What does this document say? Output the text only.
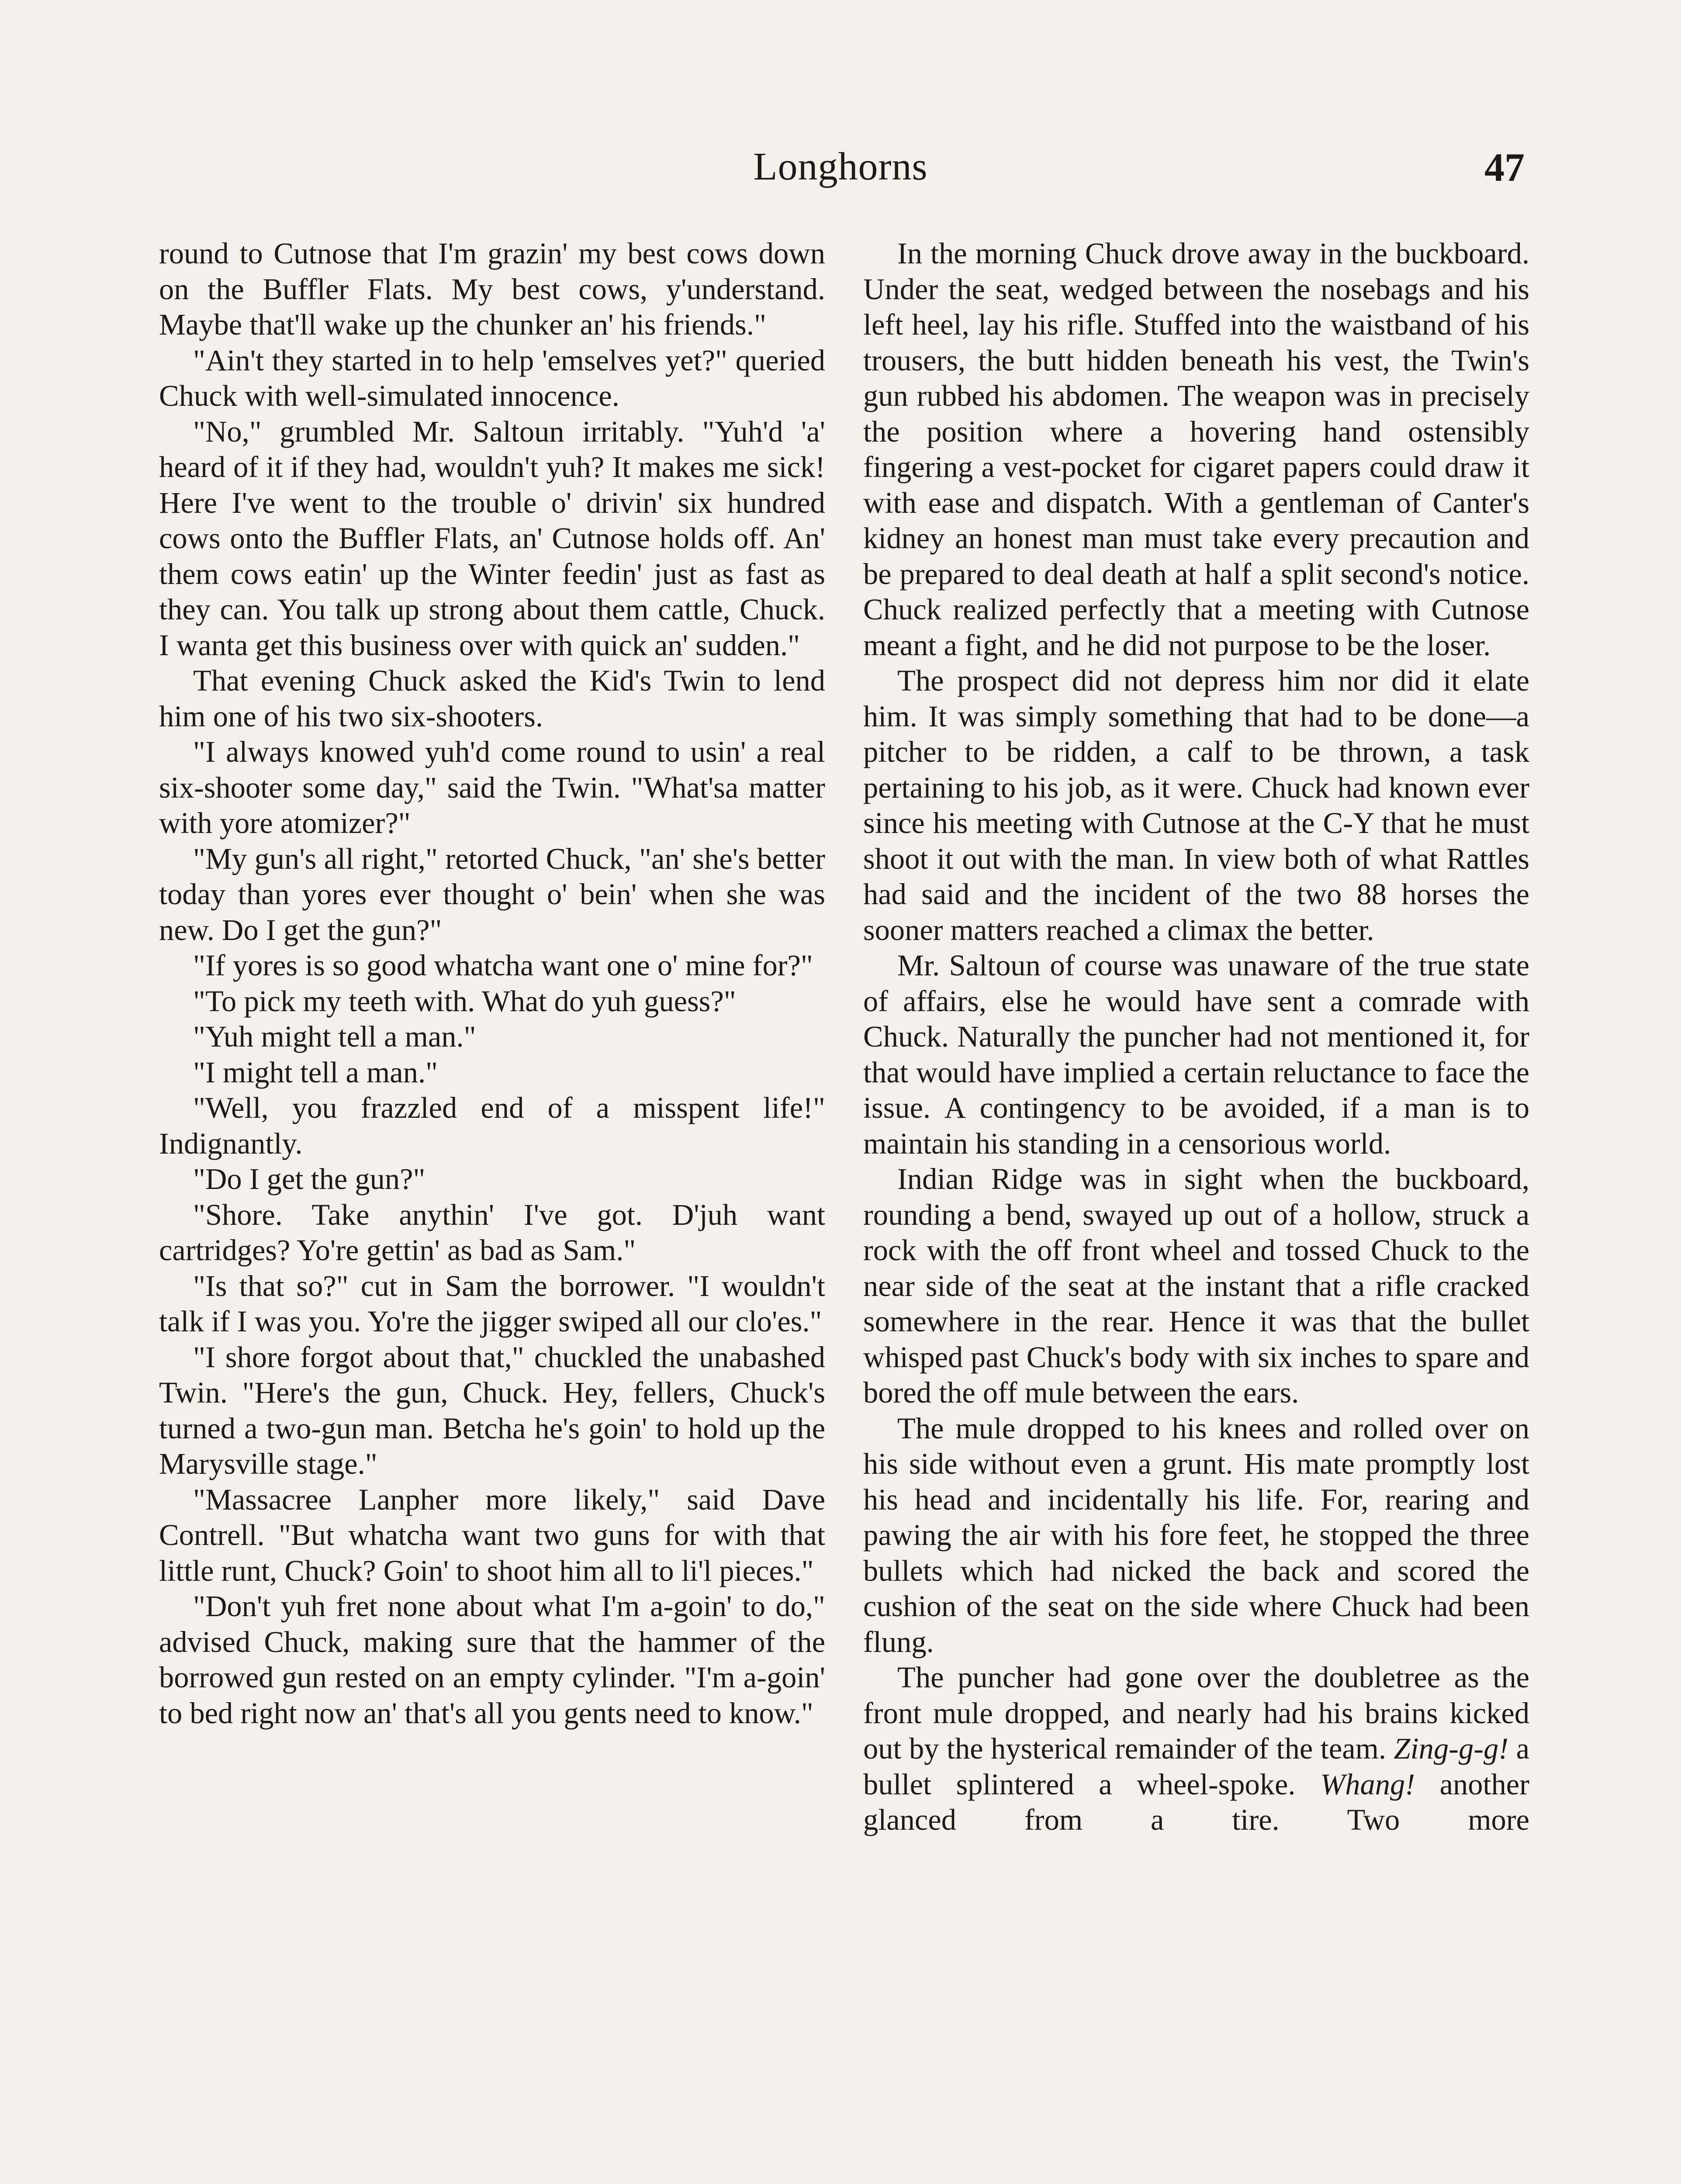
Longhorns	47

round to Cutnose that I'm grazin' my best cows down on the Buffler Flats. My best cows, y'understand. Maybe that'll wake up the chunker an' his friends."

"Ain't they started in to help 'emselves yet?" queried Chuck with well-simulated innocence.

"No," grumbled Mr. Saltoun irritably. "Yuh'd 'a' heard of it if they had, wouldn't yuh? It makes me sick! Here I've went to the trouble o' drivin' six hundred cows onto the Buffler Flats, an' Cutnose holds off. An' them cows eatin' up the Winter feedin' just as fast as they can. You talk up strong about them cattle, Chuck. I wanta get this business over with quick an' sudden."

That evening Chuck asked the Kid's Twin to lend him one of his two six-shooters.

"I always knowed yuh'd come round to usin' a real six-shooter some day," said the Twin. "What'sa matter with yore atomizer?"

"My gun's all right," retorted Chuck, "an' she's better today than yores ever thought o' bein' when she was new. Do I get the gun?"

"If yores is so good whatcha want one o' mine for?"

"To pick my teeth with. What do yuh guess?"

"Yuh might tell a man."

"I might tell a man."

"Well, you frazzled end of a misspent life!" Indignantly.

"Do I get the gun?"

"Shore. Take anythin' I've got. D'juh want cartridges? Yo're gettin' as bad as Sam."

"Is that so?" cut in Sam the borrower. "I wouldn't talk if I was you. Yo're the jigger swiped all our clo'es."

"I shore forgot about that," chuckled the unabashed Twin. "Here's the gun, Chuck. Hey, fellers, Chuck's turned a two-gun man. Betcha he's goin' to hold up the Marysville stage."

"Massacree Lanpher more likely," said Dave Contrell. "But whatcha want two guns for with that little runt, Chuck? Goin' to shoot him all to li'l pieces."

"Don't yuh fret none about what I'm a-goin' to do," advised Chuck, making sure that the hammer of the borrowed gun rested on an empty cylinder. "I'm a-goin' to bed right now an' that's all you gents need to know."

In the morning Chuck drove away in the buckboard. Under the seat, wedged between the nosebags and his left heel, lay his rifle. Stuffed into the waistband of his trousers, the butt hidden beneath his vest, the Twin's gun rubbed his abdomen. The weapon was in precisely the position where a hovering hand ostensibly fingering a vest-pocket for cigaret papers could draw it with ease and dispatch. With a gentleman of Canter's kidney an honest man must take every precaution and be prepared to deal death at half a split second's notice. Chuck realized perfectly that a meeting with Cutnose meant a fight, and he did not purpose to be the loser.

The prospect did not depress him nor did it elate him. It was simply something that had to be done—a pitcher to be ridden, a calf to be thrown, a task pertaining to his job, as it were. Chuck had known ever since his meeting with Cutnose at the C-Y that he must shoot it out with the man. In view both of what Rattles had said and the incident of the two 88 horses the sooner matters reached a climax the better.

Mr. Saltoun of course was unaware of the true state of affairs, else he would have sent a comrade with Chuck. Naturally the puncher had not mentioned it, for that would have implied a certain reluctance to face the issue. A contingency to be avoided, if a man is to maintain his standing in a censorious world.

Indian Ridge was in sight when the buckboard, rounding a bend, swayed up out of a hollow, struck a rock with the off front wheel and tossed Chuck to the near side of the seat at the instant that a rifle cracked somewhere in the rear. Hence it was that the bullet whisped past Chuck's body with six inches to spare and bored the off mule between the ears.

The mule dropped to his knees and rolled over on his side without even a grunt. His mate promptly lost his head and incidentally his life. For, rearing and pawing the air with his fore feet, he stopped the three bullets which had nicked the back and scored the cushion of the seat on the side where Chuck had been flung.

The puncher had gone over the doubletree as the front mule dropped, and nearly had his brains kicked out by the hysterical remainder of the team. Zing-g-g! a bullet splintered a wheel-spoke. Whang! another glanced from a tire. Two more
